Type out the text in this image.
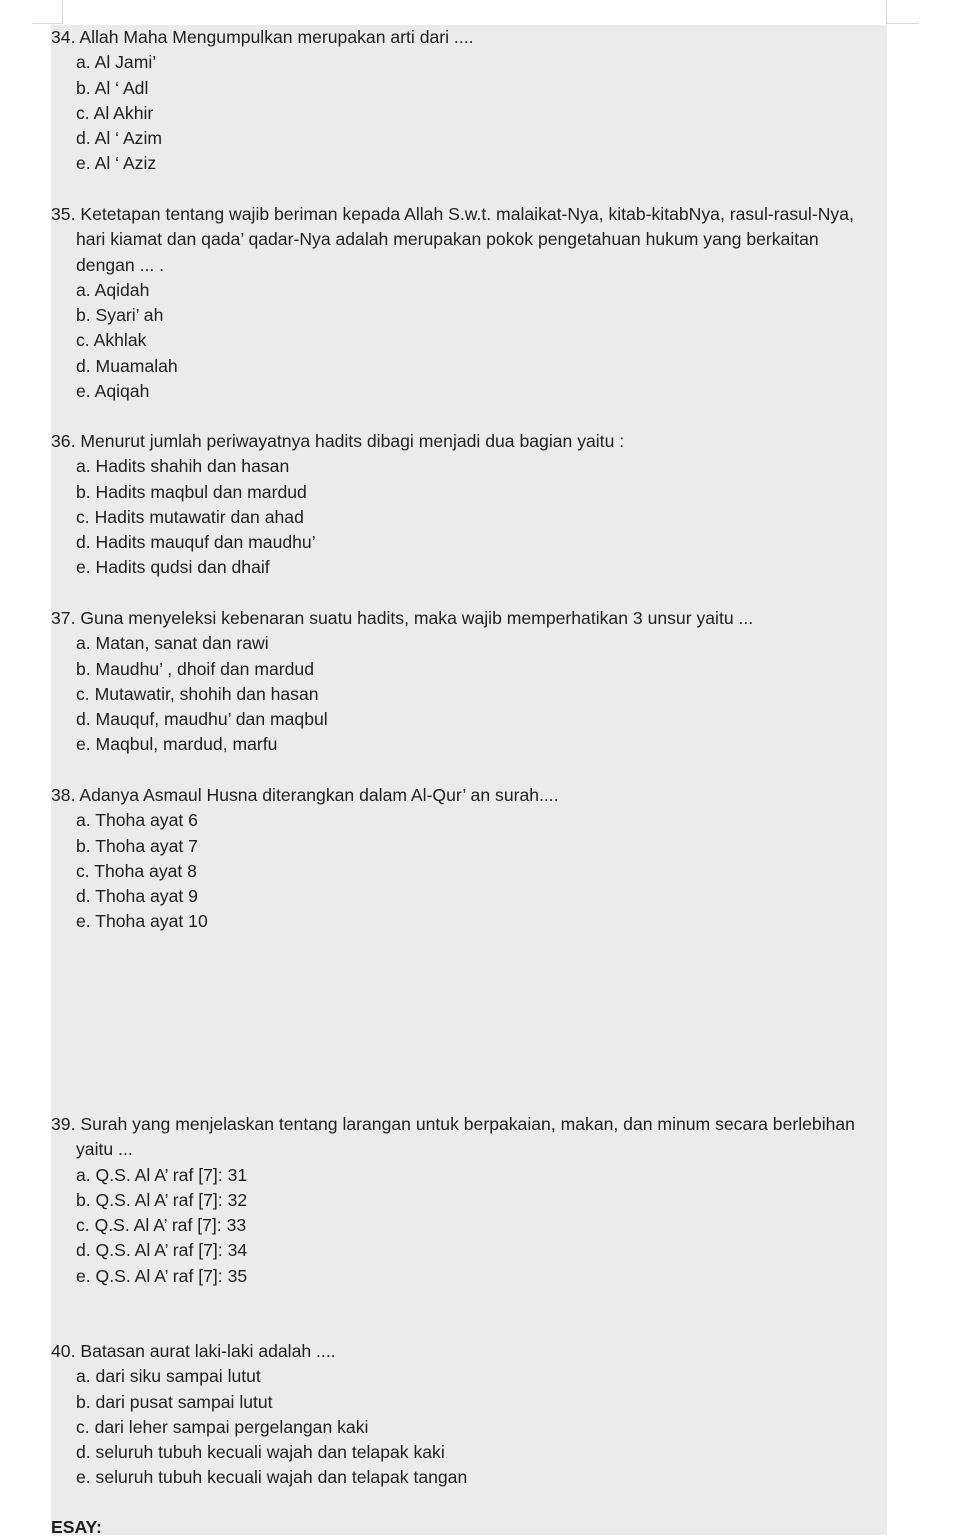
34. Allah Maha Mengumpulkan merupakan arti dari ....

a. Al Jami’
b. Al ‘ Adl
c. Al Akhir
d. Al ‘ Azim
e. Al ‘ Aziz

35. Ketetapan tentang wajib beriman kepada Allah S.w.t. malaikat-Nya, kitab-kitabNya, rasul-rasul-Nya,
hari kiamat dan qada’ qadar-Nya adalah merupakan pokok pengetahuan hukum yang berkaitan
dengan ... .

a. Aqidah
b. Syari’ ah
c. Akhlak
d. Muamalah
e. Aqiqah

36. Menurut jumlah periwayatnya hadits dibagi menjadi dua bagian yaitu :

a. Hadits shahih dan hasan
b. Hadits maqbul dan mardud
c. Hadits mutawatir dan ahad
d. Hadits mauquf dan maudhu’
e. Hadits qudsi dan dhaif

37. Guna menyeleksi kebenaran suatu hadits, maka wajib memperhatikan 3 unsur yaitu ...

a. Matan, sanat dan rawi
b. Maudhu’ , dhoif dan mardud
c. Mutawatir, shohih dan hasan
d. Mauquf, maudhu’ dan maqbul
e. Maqbul, mardud, marfu

38. Adanya Asmaul Husna diterangkan dalam Al-Qur’ an surah....

a. Thoha ayat 6
b. Thoha ayat 7
c. Thoha ayat 8
d. Thoha ayat 9
e. Thoha ayat 10

39. Surah yang menjelaskan tentang larangan untuk berpakaian, makan, dan minum secara berlebihan
yaitu ...

a. Q.S. Al A’ raf [7]: 31
b. Q.S. Al A’ raf [7]: 32
c. Q.S. Al A’ raf [7]: 33
d. Q.S. Al A’ raf [7]: 34
e. Q.S. Al A’ raf [7]: 35

40. Batasan aurat laki-laki adalah ....

a. dari siku sampai lutut
b. dari pusat sampai lutut
c. dari leher sampai pergelangan kaki
d. seluruh tubuh kecuali wajah dan telapak kaki
e. seluruh tubuh kecuali wajah dan telapak tangan
ESAY:
